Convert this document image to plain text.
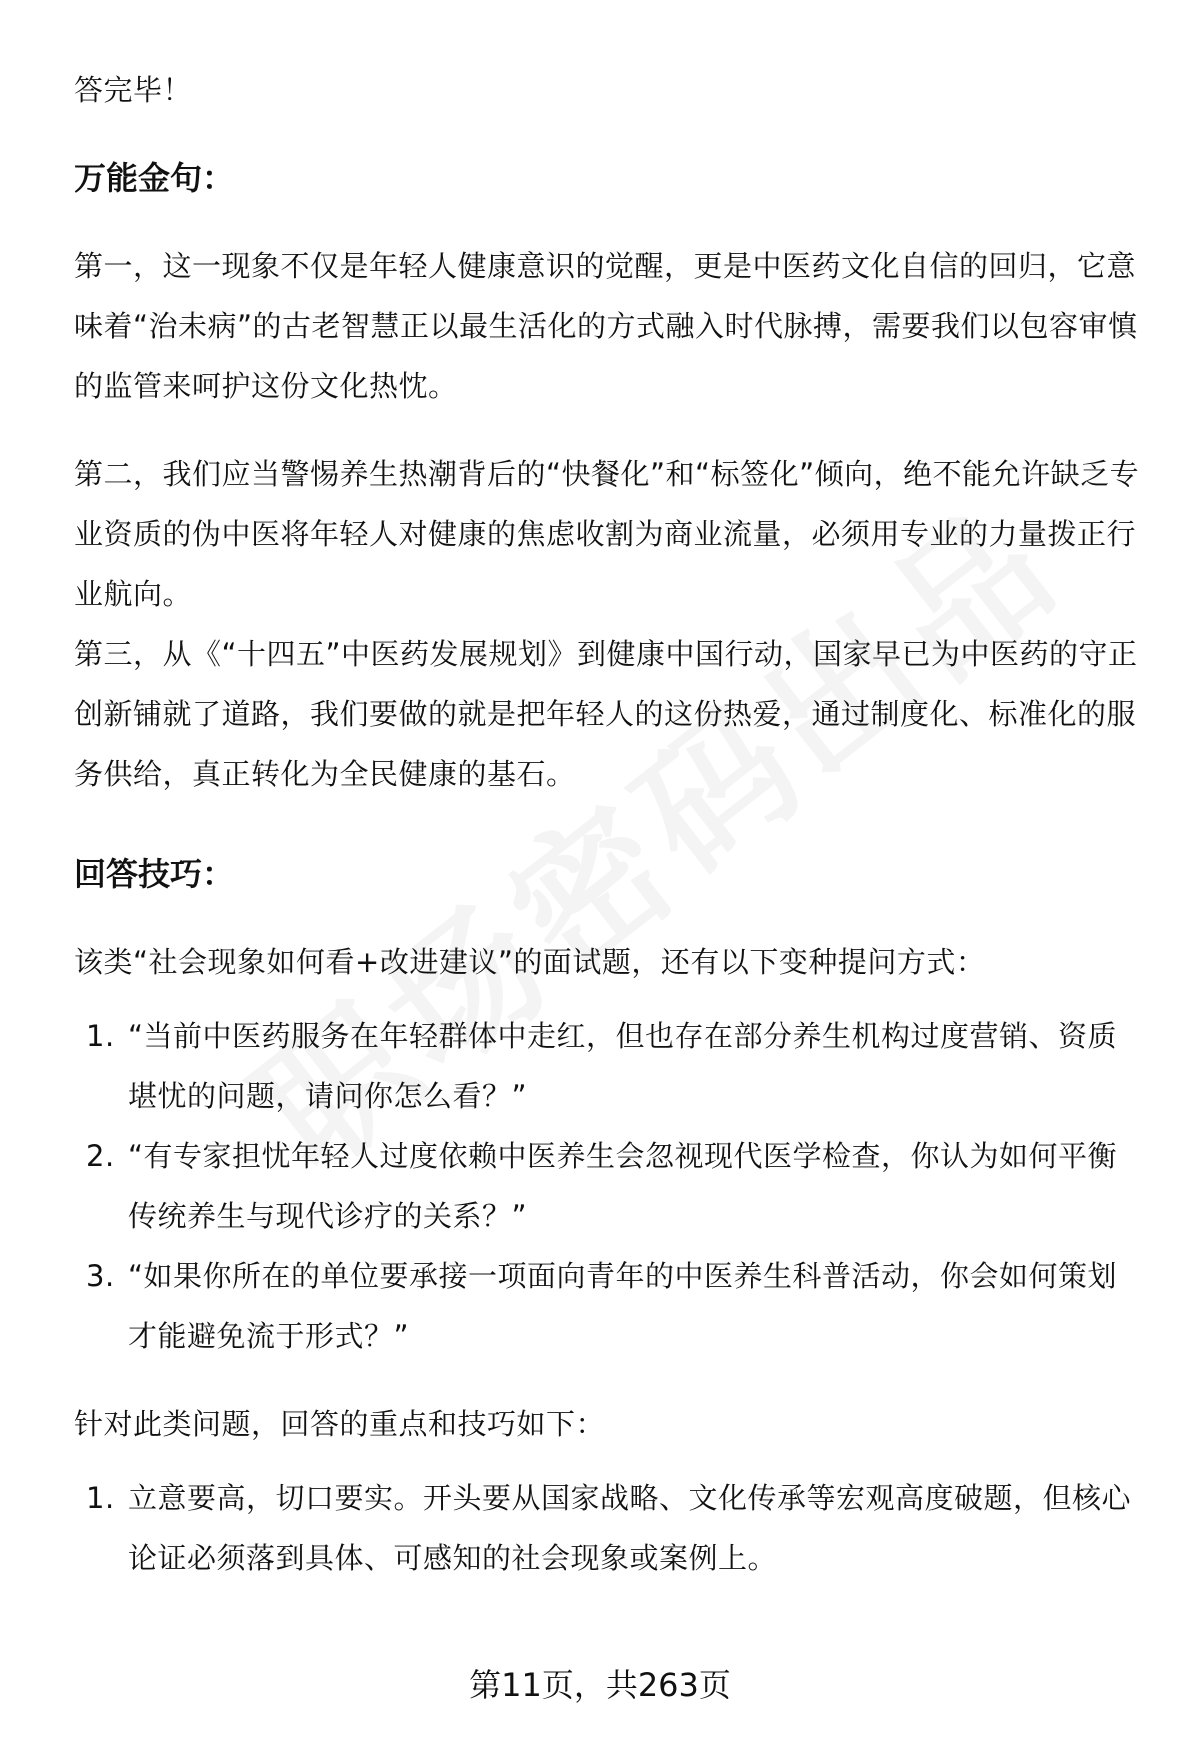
答完毕！

万能金句：

第一，这一现象不仅是年轻人健康意识的觉醒，更是中医药文化自信的回归，它意味着“治未病”的古老智慧正以最生活化的方式融入时代脉搏，需要我们以包容审慎的监管来呵护这份文化热忱。

第二，我们应当警惕养生热潮背后的“快餐化”和“标签化”倾向，绝不能允许缺乏专业资质的伪中医将年轻人对健康的焦虑收割为商业流量，必须用专业的力量拨正行业航向。

第三，从《“十四五”中医药发展规划》到健康中国行动，国家早已为中医药的守正创新铺就了道路，我们要做的就是把年轻人的这份热爱，通过制度化、标准化的服务供给，真正转化为全民健康的基石。

回答技巧：

该类“社会现象如何看+改进建议”的面试题，还有以下变种提问方式：

1. “当前中医药服务在年轻群体中走红，但也存在部分养生机构过度营销、资质堪忧的问题，请问你怎么看？”
2. “有专家担忧年轻人过度依赖中医养生会忽视现代医学检查，你认为如何平衡传统养生与现代诊疗的关系？”
3. “如果你所在的单位要承接一项面向青年的中医养生科普活动，你会如何策划才能避免流于形式？”

针对此类问题，回答的重点和技巧如下：

1. 立意要高，切口要实。开头要从国家战略、文化传承等宏观高度破题，但核心论证必须落到具体、可感知的社会现象或案例上。
第11页，共263页
